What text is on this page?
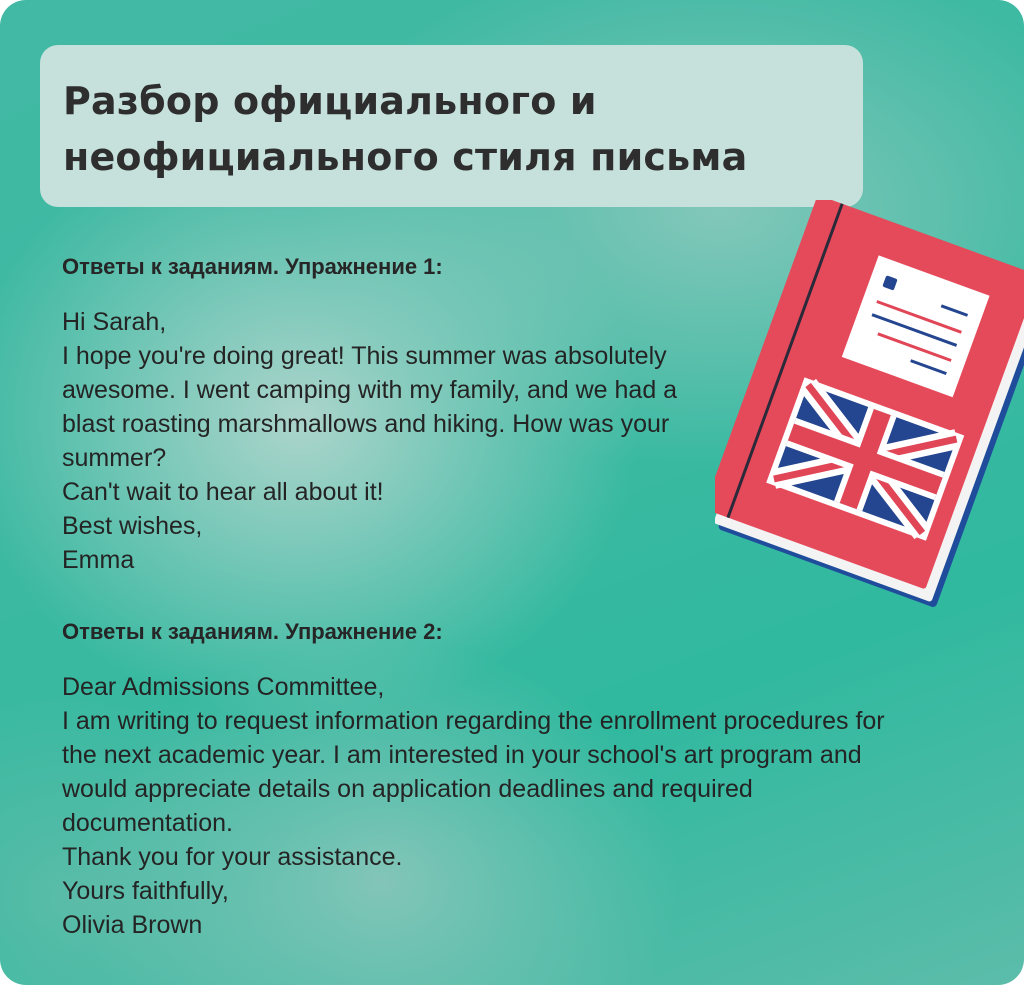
Разбор официального и
неофициального стиля письма

Ответы к заданиям. Упражнение 1:

Hi Sarah,
I hope you're doing great! This summer was absolutely
awesome. I went camping with my family, and we had a
blast roasting marshmallows and hiking. How was your
summer?
Can't wait to hear all about it!
Best wishes,
Emma

Ответы к заданиям. Упражнение 2:

Dear Admissions Committee,
I am writing to request information regarding the enrollment procedures for
the next academic year. I am interested in your school's art program and
would appreciate details on application deadlines and required
documentation.
Thank you for your assistance.
Yours faithfully,
Olivia Brown
